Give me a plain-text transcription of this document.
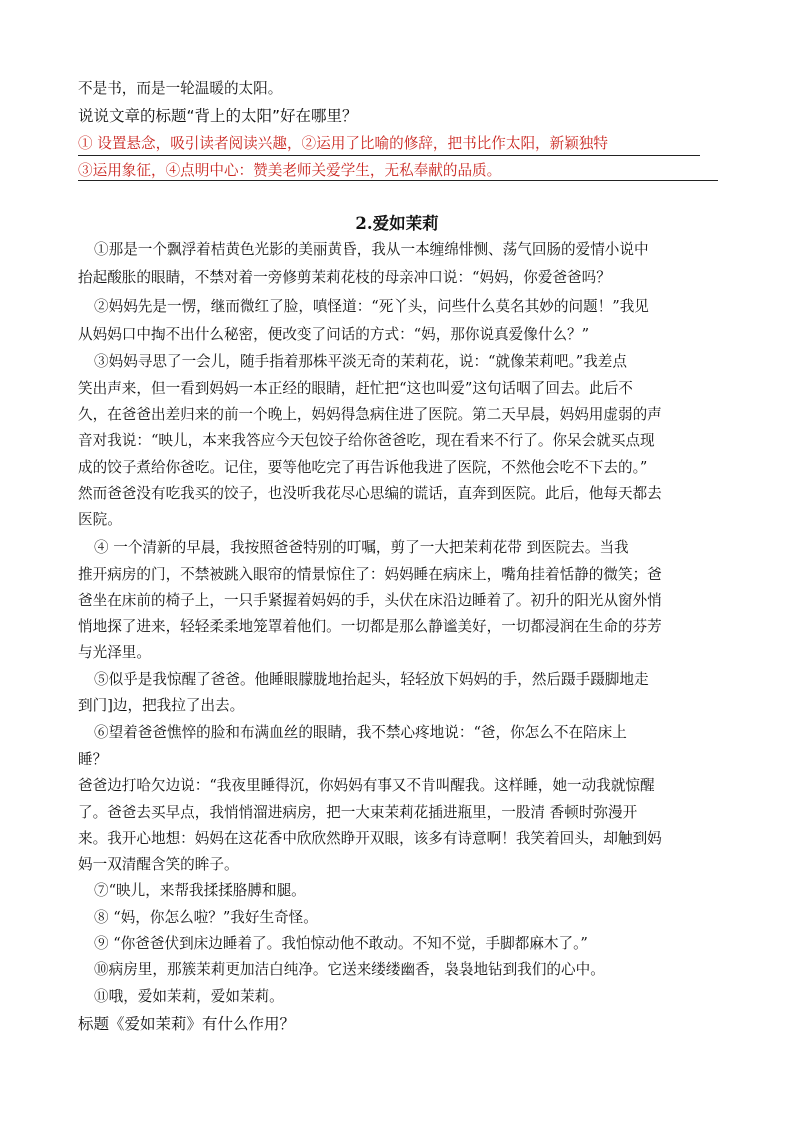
不是书，而是一轮温暖的太阳。
说说文章的标题“背上的太阳”好在哪里？
① 设置悬念，吸引读者阅读兴趣，②运用了比喻的修辞，把书比作太阳，新颖独特
③运用象征，④点明中心：赞美老师关爱学生，无私奉献的品质。
2.爱如茉莉
①那是一个飘浮着桔黄色光影的美丽黄昏，我从一本缠绵悱恻、荡气回肠的爱情小说中
抬起酸胀的眼睛，不禁对着一旁修剪茉莉花枝的母亲冲口说：“妈妈，你爱爸爸吗？
②妈妈先是一愣，继而微红了脸，嗔怪道：“死丫头，问些什么莫名其妙的问题！”我见
从妈妈口中掏不出什么秘密，便改变了问话的方式：“妈，那你说真爱像什么？”
③妈妈寻思了一会儿，随手指着那株平淡无奇的茉莉花，说：“就像茉莉吧。”我差点
笑出声来，但一看到妈妈一本正经的眼睛，赶忙把“这也叫爱”这句话咽了回去。此后不
久，在爸爸出差归来的前一个晚上，妈妈得急病住进了医院。第二天早晨，妈妈用虚弱的声
音对我说：“映儿，本来我答应今天包饺子给你爸爸吃，现在看来不行了。你呆会就买点现
成的饺子煮给你爸吃。记住，要等他吃完了再告诉他我进了医院，不然他会吃不下去的。”
然而爸爸没有吃我买的饺子，也没听我花尽心思编的谎话，直奔到医院。此后，他每天都去
医院。
④ 一个清新的早晨，我按照爸爸特别的叮嘱，剪了一大把茉莉花带 到医院去。当我
推开病房的门，不禁被跳入眼帘的情景惊住了：妈妈睡在病床上，嘴角挂着恬静的微笑；爸
爸坐在床前的椅子上，一只手紧握着妈妈的手，头伏在床沿边睡着了。初升的阳光从窗外悄
悄地探了进来，轻轻柔柔地笼罩着他们。一切都是那么静谧美好，一切都浸润在生命的芬芳
与光泽里。
⑤似乎是我惊醒了爸爸。他睡眼朦胧地抬起头，轻轻放下妈妈的手，然后蹑手蹑脚地走
到门]边，把我拉了出去。
⑥望着爸爸憔悴的脸和布满血丝的眼睛，我不禁心疼地说：“爸，你怎么不在陪床上
睡？
爸爸边打哈欠边说：“我夜里睡得沉，你妈妈有事又不肯叫醒我。这样睡，她一动我就惊醒
了。爸爸去买早点，我悄悄溜进病房，把一大束茉莉花插进瓶里，一股清 香顿时弥漫开
来。我开心地想：妈妈在这花香中欣欣然睁开双眼，该多有诗意啊！我笑着回头，却触到妈
妈一双清醒含笑的眸子。
⑦“映儿，来帮我揉揉胳膊和腿。
⑧ “妈，你怎么啦？”我好生奇怪。
⑨ “你爸爸伏到床边睡着了。我怕惊动他不敢动。不知不觉，手脚都麻木了。”
⑩病房里，那簇茉莉更加洁白纯净。它送来缕缕幽香，袅袅地钻到我们的心中。
⑪哦，爱如茉莉，爱如茉莉。
标题《爱如茉莉》有什么作用？
